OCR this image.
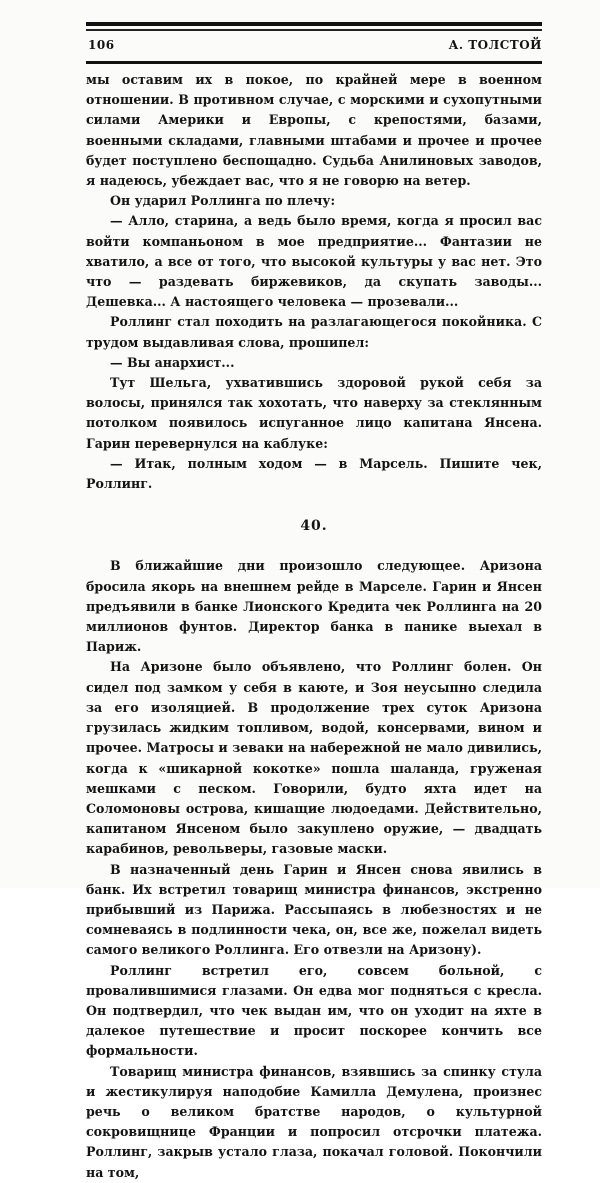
106	А. ТОЛСТОЙ

мы оставим их в покое, по крайней мере в военном отношении. В противном случае, с морскими и сухопутными силами Америки и Европы, с крепостями, базами, военными складами, главными штабами и прочее и прочее будет поступлено беспощадно. Судьба Анилиновых заводов, я надеюсь, убеждает вас, что я не говорю на ветер.

Он ударил Роллинга по плечу:

— Алло, старина, а ведь было время, когда я просил вас войти компаньоном в мое предприятие... Фантазии не хватило, а все от того, что высокой культуры у вас нет. Это что — раздевать биржевиков, да скупать заводы... Дешевка... А настоящего человека — прозевали...

Роллинг стал походить на разлагающегося покойника. С трудом выдавливая слова, прошипел:

— Вы анархист...

Тут Шельга, ухватившись здоровой рукой себя за волосы, принялся так хохотать, что наверху за стеклянным потолком появилось испуганное лицо капитана Янсена. Гарин перевернулся на каблуке:

— Итак, полным ходом — в Марсель. Пишите чек, Роллинг.

40.

В ближайшие дни произошло следующее. Аризона бросила якорь на внешнем рейде в Марселе. Гарин и Янсен предъявили в банке Лионского Кредита чек Роллинга на 20 миллионов фунтов. Директор банка в панике выехал в Париж.

На Аризоне было объявлено, что Роллинг болен. Он сидел под замком у себя в каюте, и Зоя неусыпно следила за его изоляцией. В продолжение трех суток Аризона грузилась жидким топливом, водой, консервами, вином и прочее. Матросы и зеваки на набережной не мало дивились, когда к «шикарной кокотке» пошла шаланда, груженая мешками с песком. Говорили, будто яхта идет на Соломоновы острова, кишащие людоедами. Действительно, капитаном Янсеном было закуплено оружие, — двадцать карабинов, револьверы, газовые маски.

В назначенный день Гарин и Янсен снова явились в банк. Их встретил товарищ министра финансов, экстренно прибывший из Парижа. Рассыпаясь в любезностях и не сомневаясь в подлинности чека, он, все же, пожелал видеть самого великого Роллинга. Его отвезли на Аризону).

Роллинг встретил его, совсем больной, с провалившимися глазами. Он едва мог подняться с кресла. Он подтвердил, что чек выдан им, что он уходит на яхте в далекое путешествие и просит поскорее кончить все формальности.

Товарищ министра финансов, взявшись за спинку стула и жестикулируя наподобие Камилла Демулена, произнес речь о великом братстве народов, о культурной сокровищнице Франции и попросил отсрочки платежа. Роллинг, закрыв устало глаза, покачал головой. Покончили на том,
